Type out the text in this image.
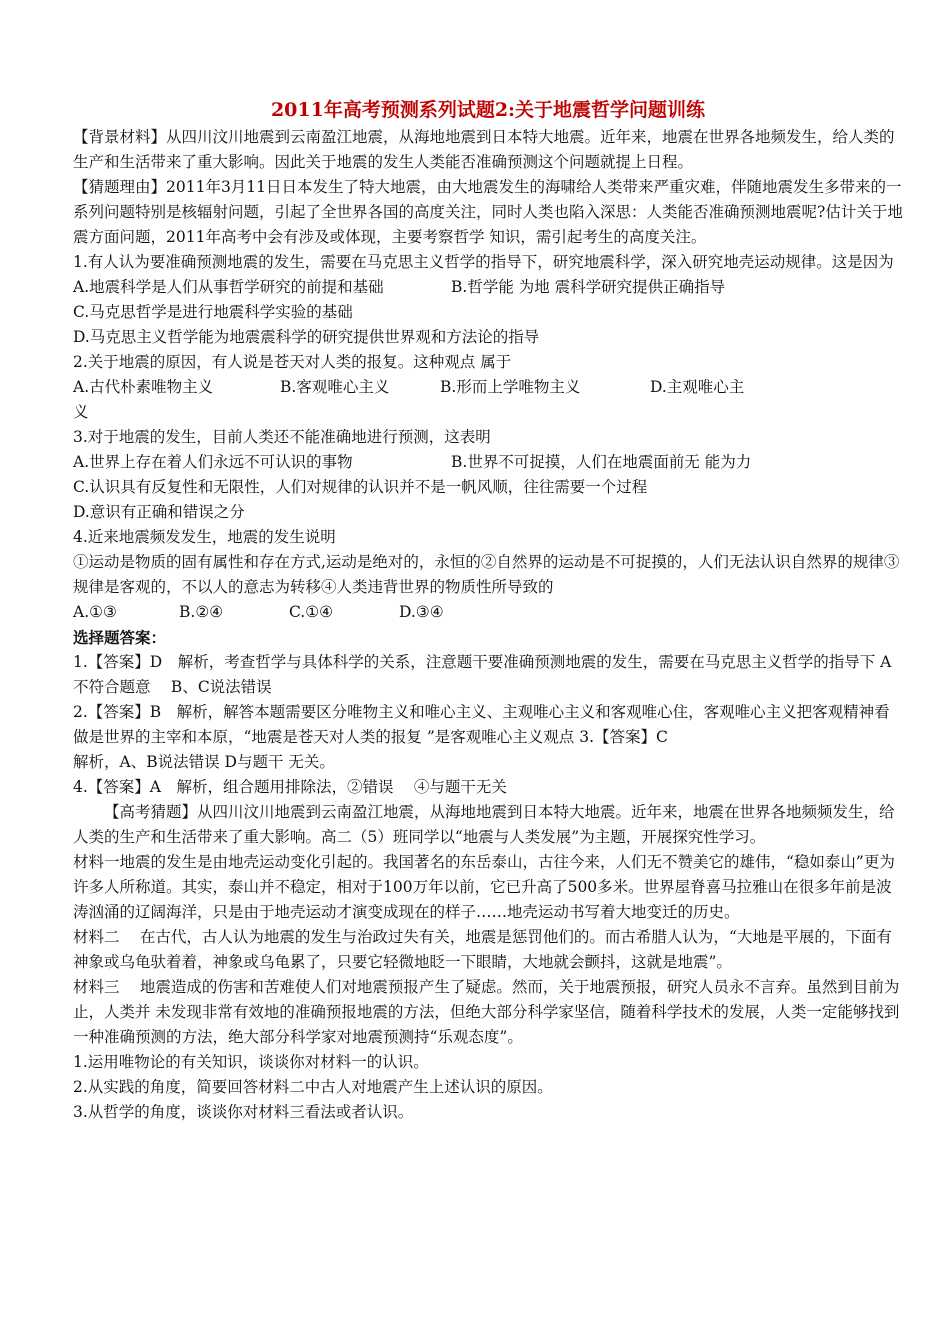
2011年高考预测系列试题2:关于地震哲学问题训练
【背景材料】从四川汶川地震到云南盈江地震，从海地地震到日本特大地震。近年来，地震在世界各地频发生，给人类的生产和生活带来了重大影响。因此关于地震的发生人类能否准确预测这个问题就提上日程。
【猜题理由】2011年3月11日日本发生了特大地震，由大地震发生的海啸给人类带来严重灾难，伴随地震发生多带来的一系列问题特别是核辐射问题，引起了全世界各国的高度关注，同时人类也陷入深思：人类能否准确预测地震呢?估计关于地震方面问题，2011年高考中会有涉及或体现，主要考察哲学 知识，需引起考生的高度关注。
1.有人认为要准确预测地震的发生，需要在马克思主义哲学的指导下，研究地震科学，深入研究地壳运动规律。这是因为
A.地震科学是人们从事哲学研究的前提和基础	B.哲学能 为地 震科学研究提供正确指导
C.马克思哲学是进行地震科学实验的基础
D.马克思主义哲学能为地震震科学的研究提供世界观和方法论的指导
2.关于地震的原因，有人说是苍天对人类的报复。这种观点 属于
A.古代朴素唯物主义	B.客观唯心主义	B.形而上学唯物主义	D.主观唯心主
义
3.对于地震的发生，目前人类还不能准确地进行预测，这表明
A.世界上存在着人们永远不可认识的事物	B.世界不可捉摸，人们在地震面前无 能为力
C.认识具有反复性和无限性，人们对规律的认识并不是一帆风顺，往往需要一个过程
D.意识有正确和错误之分
4.近来地震频发发生，地震的发生说明
①运动是物质的固有属性和存在方式,运动是绝对的，永恒的②自然界的运动是不可捉摸的，人们无法认识自然界的规律③规律是客观的，不以人的意志为转移④人类违背世界的物质性所导致的
A.①③	B.②④	C.①④	D.③④
选择题答案：
1.【答案】D　解析，考查哲学与具体科学的关系，注意题干要准确预测地震的发生，需要在马克思主义哲学的指导下 A不符合题意　 B、C说法错误
2.【答案】B　解析，解答本题需要区分唯物主义和唯心主义、主观唯心主义和客观唯心住，客观唯心主义把客观精神看做是世界的主宰和本原，“地震是苍天对人类的报复 ”是客观唯心主义观点 3.【答案】C
解析，A、B说法错误 D与题干 无关。
4.【答案】A　解析，组合题用排除法，②错误　 ④与题干无关
【高考猜题】从四川汶川地震到云南盈江地震，从海地地震到日本特大地震。近年来，地震在世界各地频频发生，给人类的生产和生活带来了重大影响。高二（5）班同学以“地震与人类发展”为主题，开展探究性学习。
材料一地震的发生是由地壳运动变化引起的。我国著名的东岳泰山，古往今来，人们无不赞美它的雄伟，“稳如泰山”更为许多人所称道。其实，泰山并不稳定，相对于100万年以前，它已升高了500多米。世界屋脊喜马拉雅山在很多年前是波涛汹涌的辽阔海洋，只是由于地壳运动才演变成现在的样子……地壳运动书写着大地变迁的历史。
材料二　 在古代，古人认为地震的发生与治政过失有关，地震是惩罚他们的。而古希腊人认为，“大地是平展的，下面有神象或乌龟驮着着，神象或乌龟累了，只要它轻微地眨一下眼睛，大地就会颤抖，这就是地震”。
材料三　 地震造成的伤害和苦难使人们对地震预报产生了疑虑。然而，关于地震预报，研究人员永不言弃。虽然到目前为止，人类并 未发现非常有效地的准确预报地震的方法，但绝大部分科学家坚信，随着科学技术的发展，人类一定能够找到一种准确预测的方法，绝大部分科学家对地震预测持“乐观态度”。
1.运用唯物论的有关知识，谈谈你对材料一的认识。
2.从实践的角度，简要回答材料二中古人对地震产生上述认识的原因。
3.从哲学的角度，谈谈你对材料三看法或者认识。
